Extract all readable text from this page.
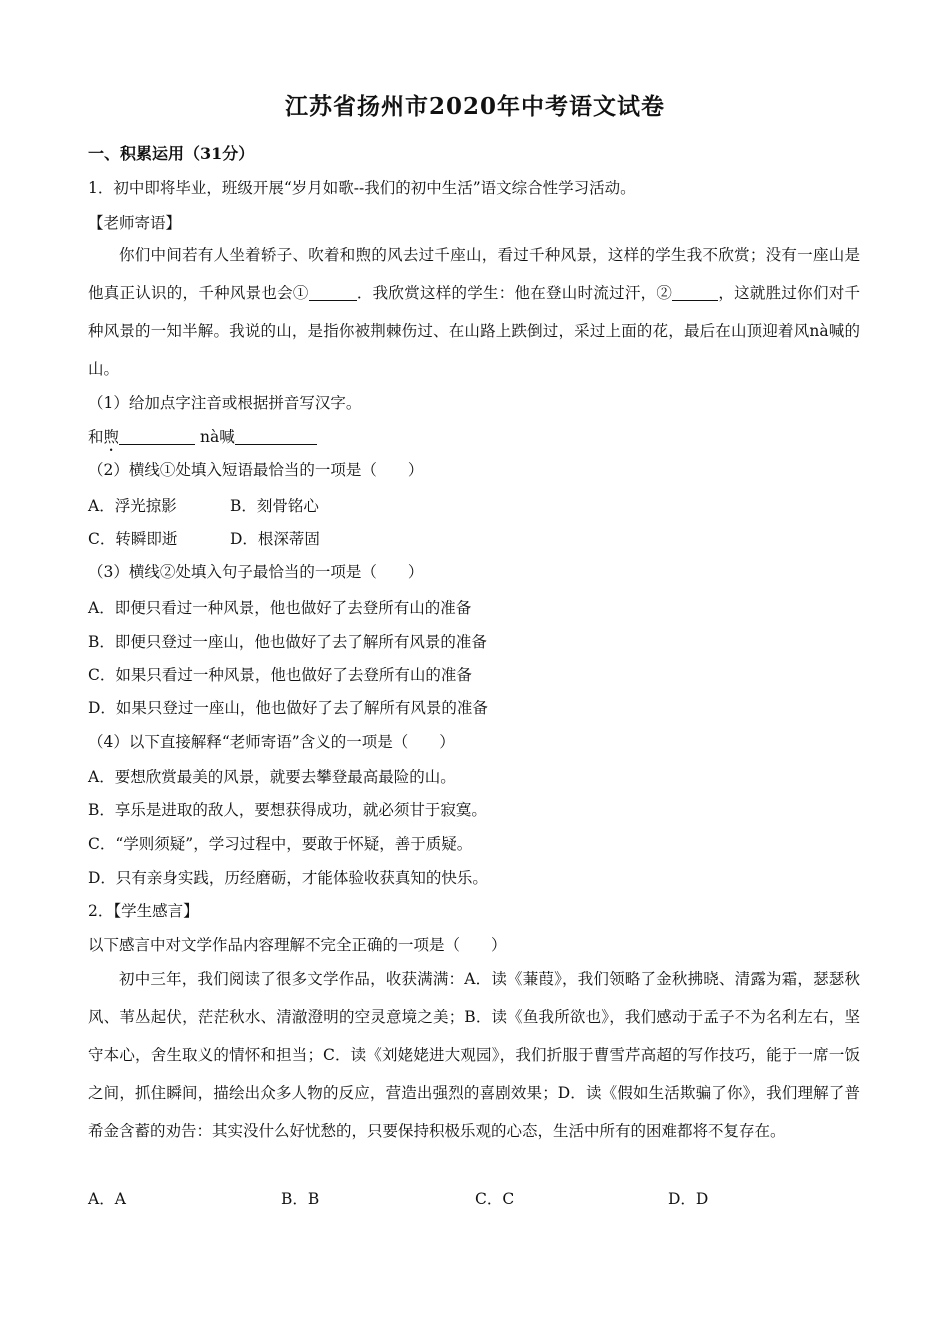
江苏省扬州市2020年中考语文试卷
一、积累运用（31分）
1．初中即将毕业，班级开展“岁月如歌--我们的初中生活”语文综合性学习活动。
【老师寄语】
你们中间若有人坐着轿子、吹着和煦的风去过千座山，看过千种风景，这样的学生我不欣赏；没有一座山是他真正认识的，千种风景也会①	．我欣赏这样的学生：他在登山时流过汗，②	，这就胜过你们对千种风景的一知半解。我说的山，是指你被荆棘伤过、在山路上跌倒过，采过上面的花，最后在山顶迎着风nà喊的山。
（1）给加点字注音或根据拼音写汉字。
和煦	nà喊
（2）横线①处填入短语最恰当的一项是（　　）
A．浮光掠影	B．刻骨铭心
C．转瞬即逝	D．根深蒂固
（3）横线②处填入句子最恰当的一项是（　　）
A．即便只看过一种风景，他也做好了去登所有山的准备
B．即便只登过一座山，他也做好了去了解所有风景的准备
C．如果只看过一种风景，他也做好了去登所有山的准备
D．如果只登过一座山，他也做好了去了解所有风景的准备
（4）以下直接解释“老师寄语”含义的一项是（　　）
A．要想欣赏最美的风景，就要去攀登最高最险的山。
B．享乐是进取的敌人，要想获得成功，就必须甘于寂寞。
C．“学则须疑”，学习过程中，要敢于怀疑，善于质疑。
D．只有亲身实践，历经磨砺，才能体验收获真知的快乐。
2．【学生感言】
以下感言中对文学作品内容理解不完全正确的一项是（　　）
初中三年，我们阅读了很多文学作品，收获满满：A．读《蒹葭》，我们领略了金秋拂晓、清露为霜，瑟瑟秋风、苇丛起伏，茫茫秋水、清澈澄明的空灵意境之美；B．读《鱼我所欲也》，我们感动于孟子不为名利左右，坚守本心，舍生取义的情怀和担当；C．读《刘姥姥进大观园》，我们折服于曹雪芹高超的写作技巧，能于一席一饭之间，抓住瞬间，描绘出众多人物的反应，营造出强烈的喜剧效果；D．读《假如生活欺骗了你》，我们理解了普希金含蓄的劝告：其实没什么好忧愁的，只要保持积极乐观的心态，生活中所有的困难都将不复存在。
A．A	B．B	C．C	D．D
